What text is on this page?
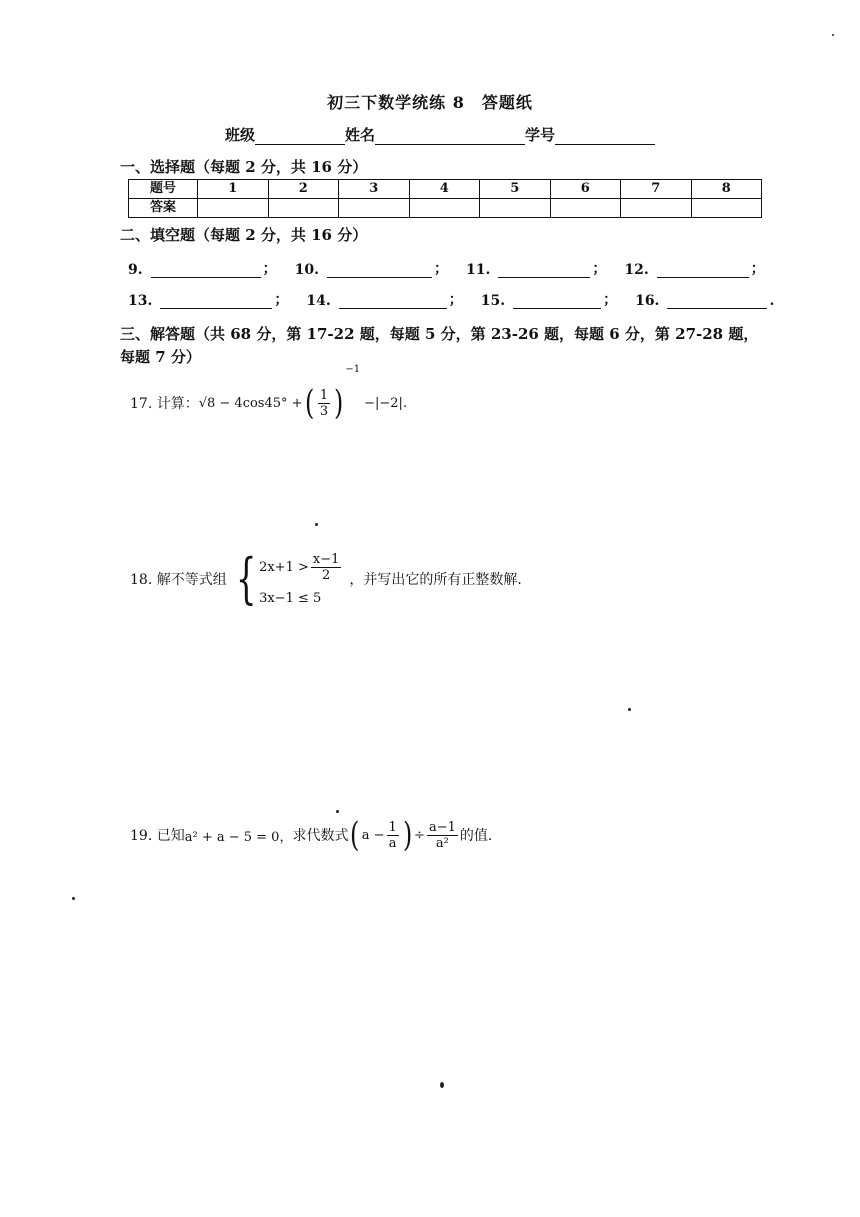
初三下数学统练 8　答题纸
班级	姓名	学号
一、选择题（每题 2 分，共 16 分）
题号	1	2	3	4	5	6	7	8
答案								
二、填空题（每题 2 分，共 16 分）
9.	； 10.	； 11.	； 12.	；
13.	； 14.	； 15.	； 16.	.
三、解答题（共 68 分，第 17-22 题，每题 5 分，第 23-26 题，每题 6 分，第 27-28 题，
每题 7 分）
17. 计算： √8 − 4cos45° + ( $\frac{1}{3}$ )
−1
−|−2|.
18. 解不等式组 { $2x+1 > \frac{x-1}{2}$
3x−1 ≤ 5
，并写出它的所有正整数解.
19. 已知 a² + a − 5 = 0， 求代数式 ( $a - \frac{1}{a}$ ) ÷ $\frac{a-1}{\text{a²}}$ 的值.
